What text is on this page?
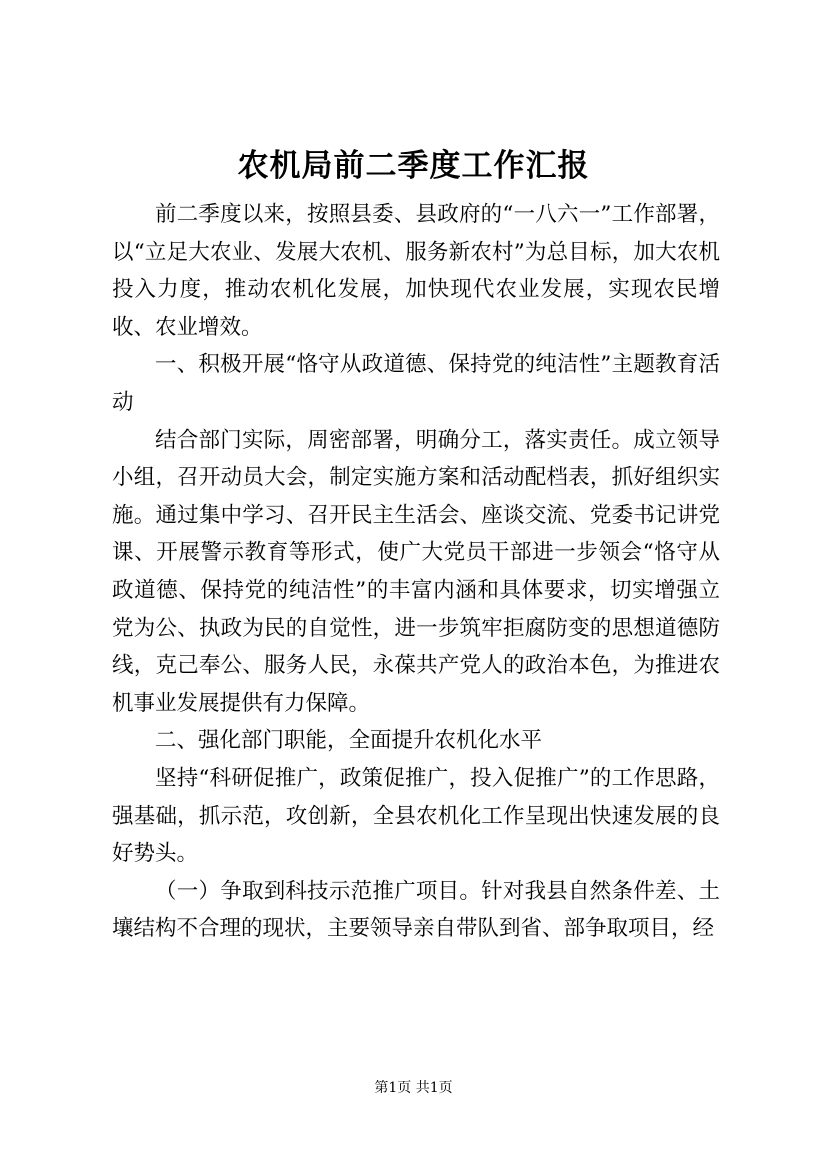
农机局前二季度工作汇报

前二季度以来，按照县委、县政府的“一八六一”工作部署，以“立足大农业、发展大农机、服务新农村”为总目标，加大农机投入力度，推动农机化发展，加快现代农业发展，实现农民增收、农业增效。

一、积极开展“恪守从政道德、保持党的纯洁性”主题教育活动

结合部门实际，周密部署，明确分工，落实责任。成立领导小组，召开动员大会，制定实施方案和活动配档表，抓好组织实施。通过集中学习、召开民主生活会、座谈交流、党委书记讲党课、开展警示教育等形式，使广大党员干部进一步领会“恪守从政道德、保持党的纯洁性”的丰富内涵和具体要求，切实增强立党为公、执政为民的自觉性，进一步筑牢拒腐防变的思想道德防线，克己奉公、服务人民，永葆共产党人的政治本色，为推进农机事业发展提供有力保障。

二、强化部门职能，全面提升农机化水平

坚持“科研促推广，政策促推广，投入促推广”的工作思路，强基础，抓示范，攻创新，全县农机化工作呈现出快速发展的良好势头。

（一）争取到科技示范推广项目。针对我县自然条件差、土壤结构不合理的现状，主要领导亲自带队到省、部争取项目，经

第1页 共1页
